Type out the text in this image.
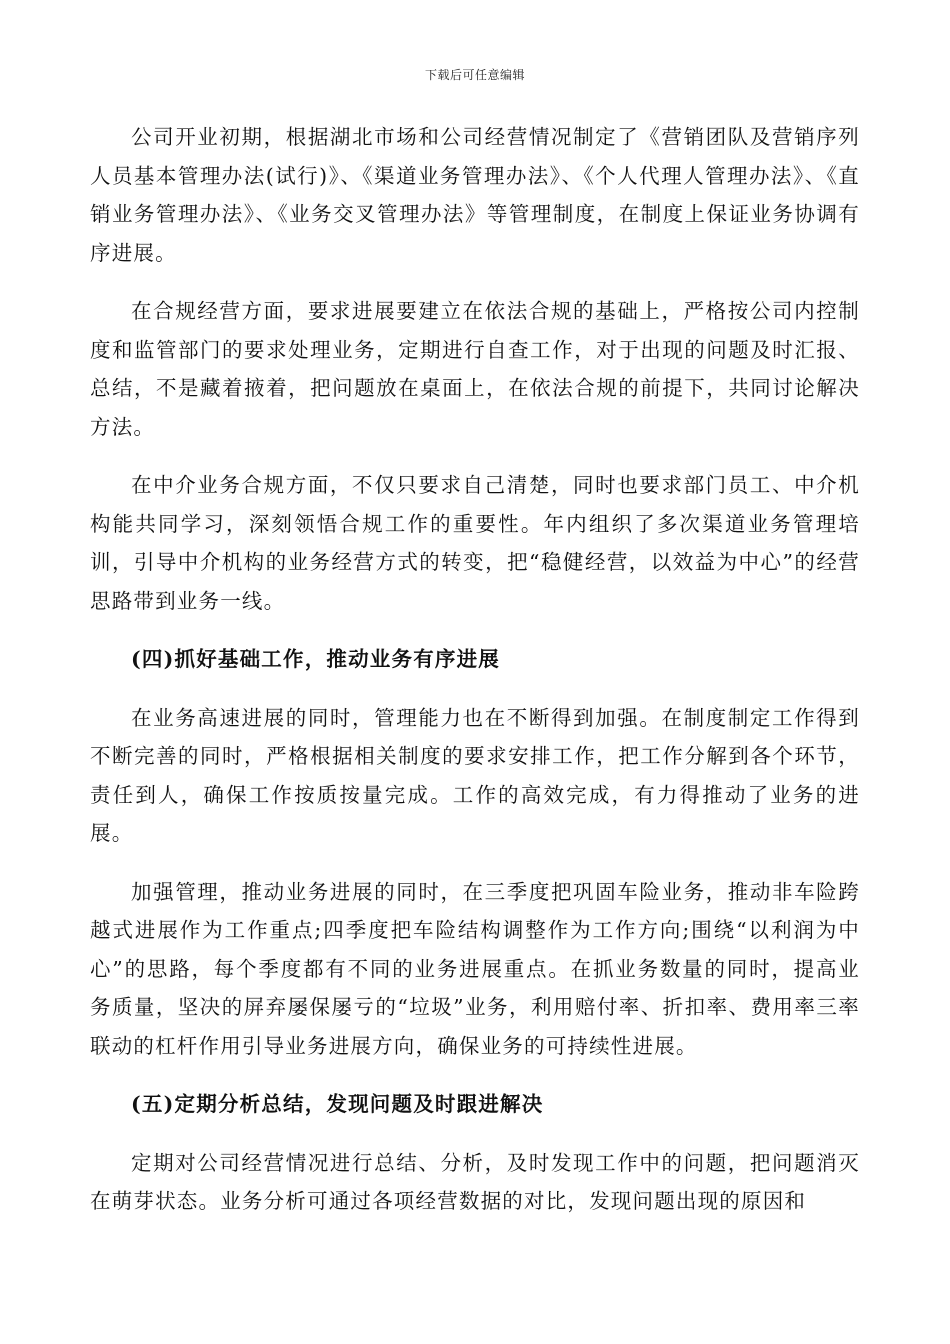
下载后可任意编辑

公司开业初期，根据湖北市场和公司经营情况制定了《营销团队及营销序列人员基本管理办法(试行)》、《渠道业务管理办法》、《个人代理人管理办法》、《直销业务管理办法》、《业务交叉管理办法》等管理制度，在制度上保证业务协调有序进展。

在合规经营方面，要求进展要建立在依法合规的基础上，严格按公司内控制度和监管部门的要求处理业务，定期进行自查工作，对于出现的问题及时汇报、总结，不是藏着掖着，把问题放在桌面上，在依法合规的前提下，共同讨论解决方法。

在中介业务合规方面，不仅只要求自己清楚，同时也要求部门员工、中介机构能共同学习，深刻领悟合规工作的重要性。年内组织了多次渠道业务管理培训，引导中介机构的业务经营方式的转变，把“稳健经营，以效益为中心”的经营思路带到业务一线。

(四)抓好基础工作，推动业务有序进展

在业务高速进展的同时，管理能力也在不断得到加强。在制度制定工作得到不断完善的同时，严格根据相关制度的要求安排工作，把工作分解到各个环节，责任到人，确保工作按质按量完成。工作的高效完成，有力得推动了业务的进展。

加强管理，推动业务进展的同时，在三季度把巩固车险业务，推动非车险跨越式进展作为工作重点;四季度把车险结构调整作为工作方向;围绕“以利润为中心”的思路，每个季度都有不同的业务进展重点。在抓业务数量的同时，提高业务质量，坚决的屏弃屡保屡亏的“垃圾”业务，利用赔付率、折扣率、费用率三率联动的杠杆作用引导业务进展方向，确保业务的可持续性进展。

(五)定期分析总结，发现问题及时跟进解决

定期对公司经营情况进行总结、分析，及时发现工作中的问题，把问题消灭在萌芽状态。业务分析可通过各项经营数据的对比，发现问题出现的原因和
